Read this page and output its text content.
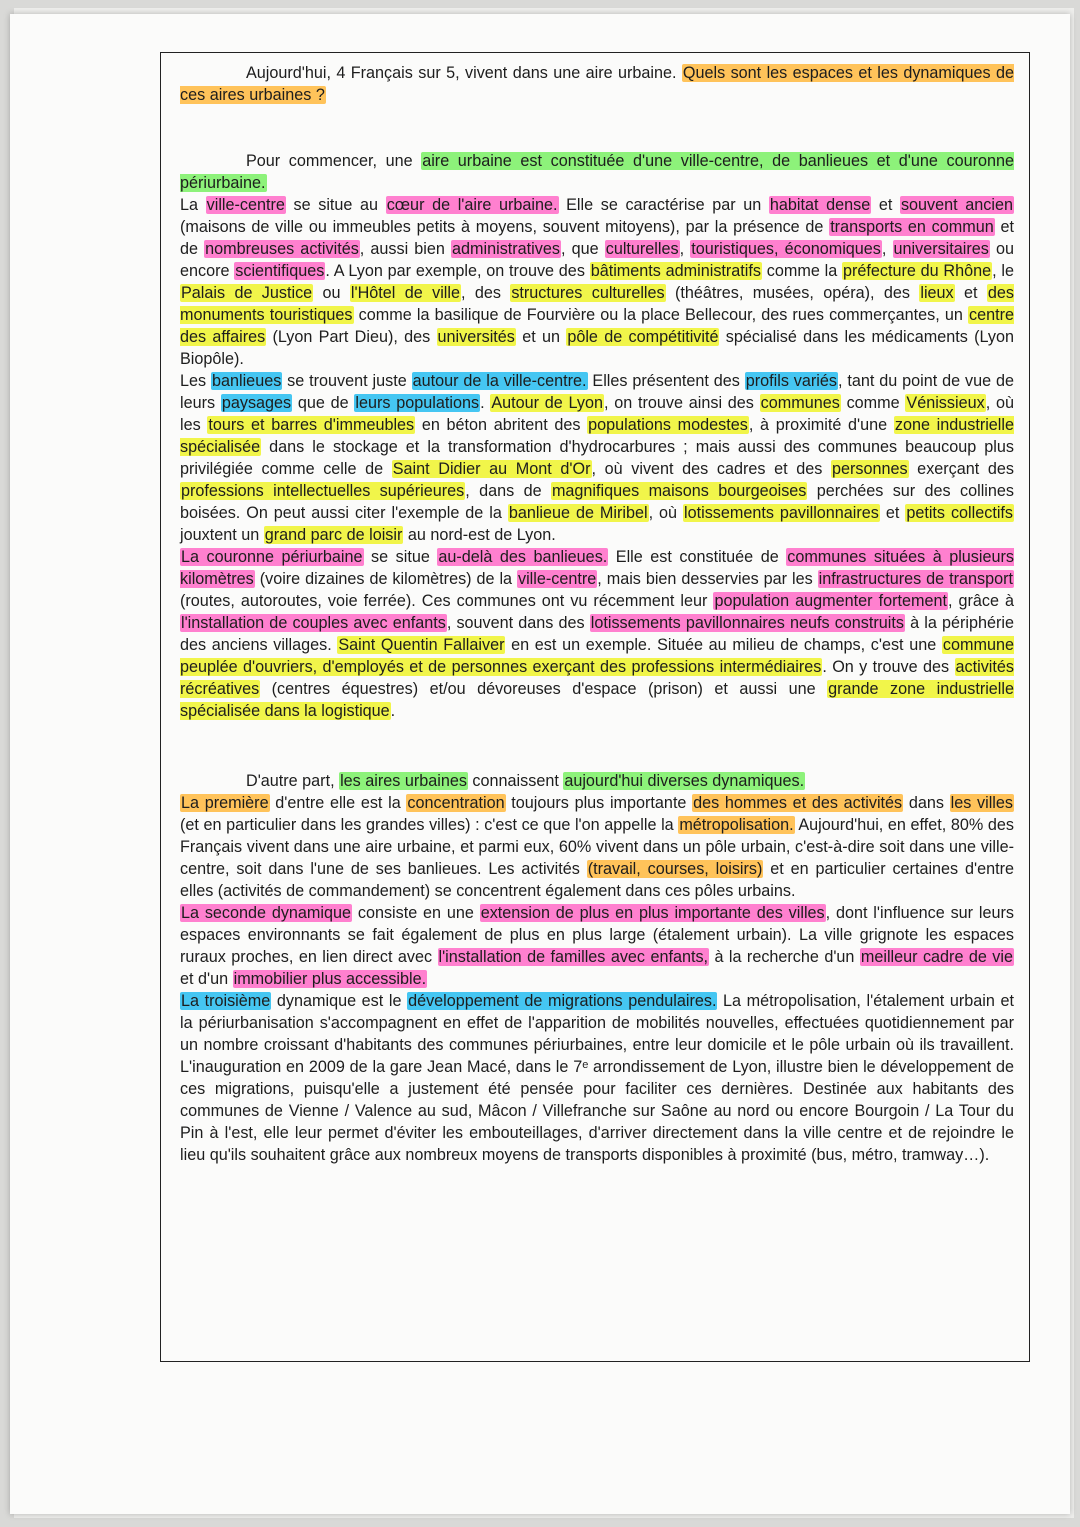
Aujourd'hui, 4 Français sur 5, vivent dans une aire urbaine. Quels sont les espaces et les dynamiques de ces aires urbaines ?

Pour commencer, une aire urbaine est constituée d'une ville-centre, de banlieues et d'une couronne périurbaine.

La ville-centre se situe au cœur de l'aire urbaine. Elle se caractérise par un habitat dense et souvent ancien (maisons de ville ou immeubles petits à moyens, souvent mitoyens), par la présence de transports en commun et de nombreuses activités, aussi bien administratives, que culturelles, touristiques, économiques, universitaires ou encore scientifiques. A Lyon par exemple, on trouve des bâtiments administratifs comme la préfecture du Rhône, le Palais de Justice ou l'Hôtel de ville, des structures culturelles (théâtres, musées, opéra), des lieux et des monuments touristiques comme la basilique de Fourvière ou la place Bellecour, des rues commerçantes, un centre des affaires (Lyon Part Dieu), des universités et un pôle de compétitivité spécialisé dans les médicaments (Lyon Biopôle).

Les banlieues se trouvent juste autour de la ville-centre. Elles présentent des profils variés, tant du point de vue de leurs paysages que de leurs populations. Autour de Lyon, on trouve ainsi des communes comme Vénissieux, où les tours et barres d'immeubles en béton abritent des populations modestes, à proximité d'une zone industrielle spécialisée dans le stockage et la transformation d'hydrocarbures ; mais aussi des communes beaucoup plus privilégiée comme celle de Saint Didier au Mont d'Or, où vivent des cadres et des personnes exerçant des professions intellectuelles supérieures, dans de magnifiques maisons bourgeoises perchées sur des collines boisées. On peut aussi citer l'exemple de la banlieue de Miribel, où lotissements pavillonnaires et petits collectifs jouxtent un grand parc de loisir au nord-est de Lyon.

La couronne périurbaine se situe au-delà des banlieues. Elle est constituée de communes situées à plusieurs kilomètres (voire dizaines de kilomètres) de la ville-centre, mais bien desservies par les infrastructures de transport (routes, autoroutes, voie ferrée). Ces communes ont vu récemment leur population augmenter fortement, grâce à l'installation de couples avec enfants, souvent dans des lotissements pavillonnaires neufs construits à la périphérie des anciens villages. Saint Quentin Fallaiver en est un exemple. Située au milieu de champs, c'est une commune peuplée d'ouvriers, d'employés et de personnes exerçant des professions intermédiaires. On y trouve des activités récréatives (centres équestres) et/ou dévoreuses d'espace (prison) et aussi une grande zone industrielle spécialisée dans la logistique.

D'autre part, les aires urbaines connaissent aujourd'hui diverses dynamiques.

La première d'entre elle est la concentration toujours plus importante des hommes et des activités dans les villes (et en particulier dans les grandes villes) : c'est ce que l'on appelle la métropolisation. Aujourd'hui, en effet, 80% des Français vivent dans une aire urbaine, et parmi eux, 60% vivent dans un pôle urbain, c'est-à-dire soit dans une ville-centre, soit dans l'une de ses banlieues. Les activités (travail, courses, loisirs) et en particulier certaines d'entre elles (activités de commandement) se concentrent également dans ces pôles urbains.

La seconde dynamique consiste en une extension de plus en plus importante des villes, dont l'influence sur leurs espaces environnants se fait également de plus en plus large (étalement urbain). La ville grignote les espaces ruraux proches, en lien direct avec l'installation de familles avec enfants, à la recherche d'un meilleur cadre de vie et d'un immobilier plus accessible.

La troisième dynamique est le développement de migrations pendulaires. La métropolisation, l'étalement urbain et la périurbanisation s'accompagnent en effet de l'apparition de mobilités nouvelles, effectuées quotidiennement par un nombre croissant d'habitants des communes périurbaines, entre leur domicile et le pôle urbain où ils travaillent. L'inauguration en 2009 de la gare Jean Macé, dans le 7ᵉ arrondissement de Lyon, illustre bien le développement de ces migrations, puisqu'elle a justement été pensée pour faciliter ces dernières. Destinée aux habitants des communes de Vienne / Valence au sud, Mâcon / Villefranche sur Saône au nord ou encore Bourgoin / La Tour du Pin à l'est, elle leur permet d'éviter les embouteillages, d'arriver directement dans la ville centre et de rejoindre le lieu qu'ils souhaitent grâce aux nombreux moyens de transports disponibles à proximité (bus, métro, tramway…).
